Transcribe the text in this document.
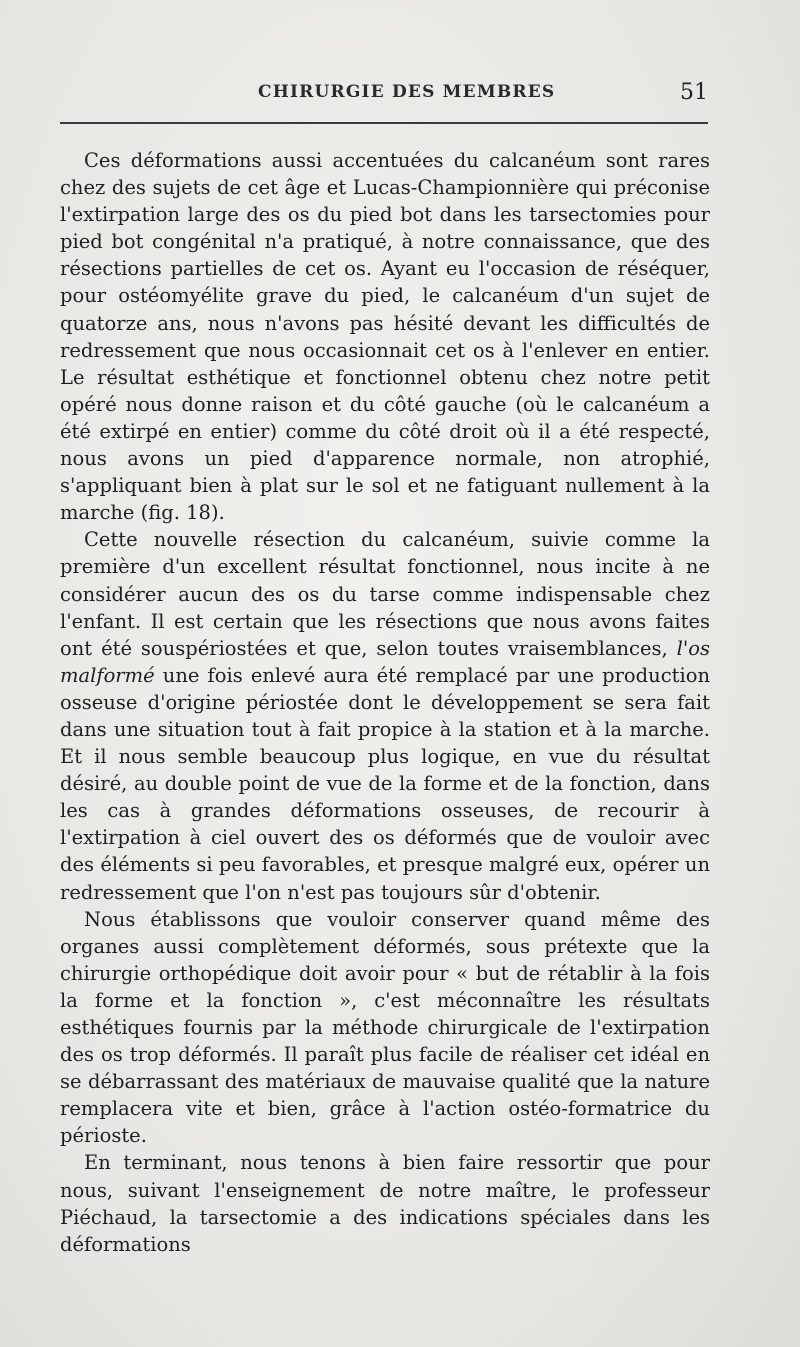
CHIRURGIE DES MEMBRES	51

Ces déformations aussi accentuées du calcanéum sont rares chez des sujets de cet âge et Lucas-Championnière qui préconise l'extirpation large des os du pied bot dans les tarsectomies pour pied bot congénital n'a pratiqué, à notre connaissance, que des résections partielles de cet os. Ayant eu l'occasion de réséquer, pour ostéomyélite grave du pied, le calcanéum d'un sujet de quatorze ans, nous n'avons pas hésité devant les difficultés de redressement que nous occasionnait cet os à l'enlever en entier. Le résultat esthétique et fonctionnel obtenu chez notre petit opéré nous donne raison et du côté gauche (où le calcanéum a été extirpé en entier) comme du côté droit où il a été respecté, nous avons un pied d'apparence normale, non atrophié, s'appliquant bien à plat sur le sol et ne fatiguant nullement à la marche (fig. 18).

Cette nouvelle résection du calcanéum, suivie comme la première d'un excellent résultat fonctionnel, nous incite à ne considérer aucun des os du tarse comme indispensable chez l'enfant. Il est certain que les résections que nous avons faites ont été souspériostées et que, selon toutes vraisemblances, l'os malformé une fois enlevé aura été remplacé par une production osseuse d'origine périostée dont le développement se sera fait dans une situation tout à fait propice à la station et à la marche. Et il nous semble beaucoup plus logique, en vue du résultat désiré, au double point de vue de la forme et de la fonction, dans les cas à grandes déformations osseuses, de recourir à l'extirpation à ciel ouvert des os déformés que de vouloir avec des éléments si peu favorables, et presque malgré eux, opérer un redressement que l'on n'est pas toujours sûr d'obtenir.

Nous établissons que vouloir conserver quand même des organes aussi complètement déformés, sous prétexte que la chirurgie orthopédique doit avoir pour « but de rétablir à la fois la forme et la fonction », c'est méconnaître les résultats esthétiques fournis par la méthode chirurgicale de l'extirpation des os trop déformés. Il paraît plus facile de réaliser cet idéal en se débarrassant des matériaux de mauvaise qualité que la nature remplacera vite et bien, grâce à l'action ostéo-formatrice du périoste.

En terminant, nous tenons à bien faire ressortir que pour nous, suivant l'enseignement de notre maître, le professeur Piéchaud, la tarsectomie a des indications spéciales dans les déformations
